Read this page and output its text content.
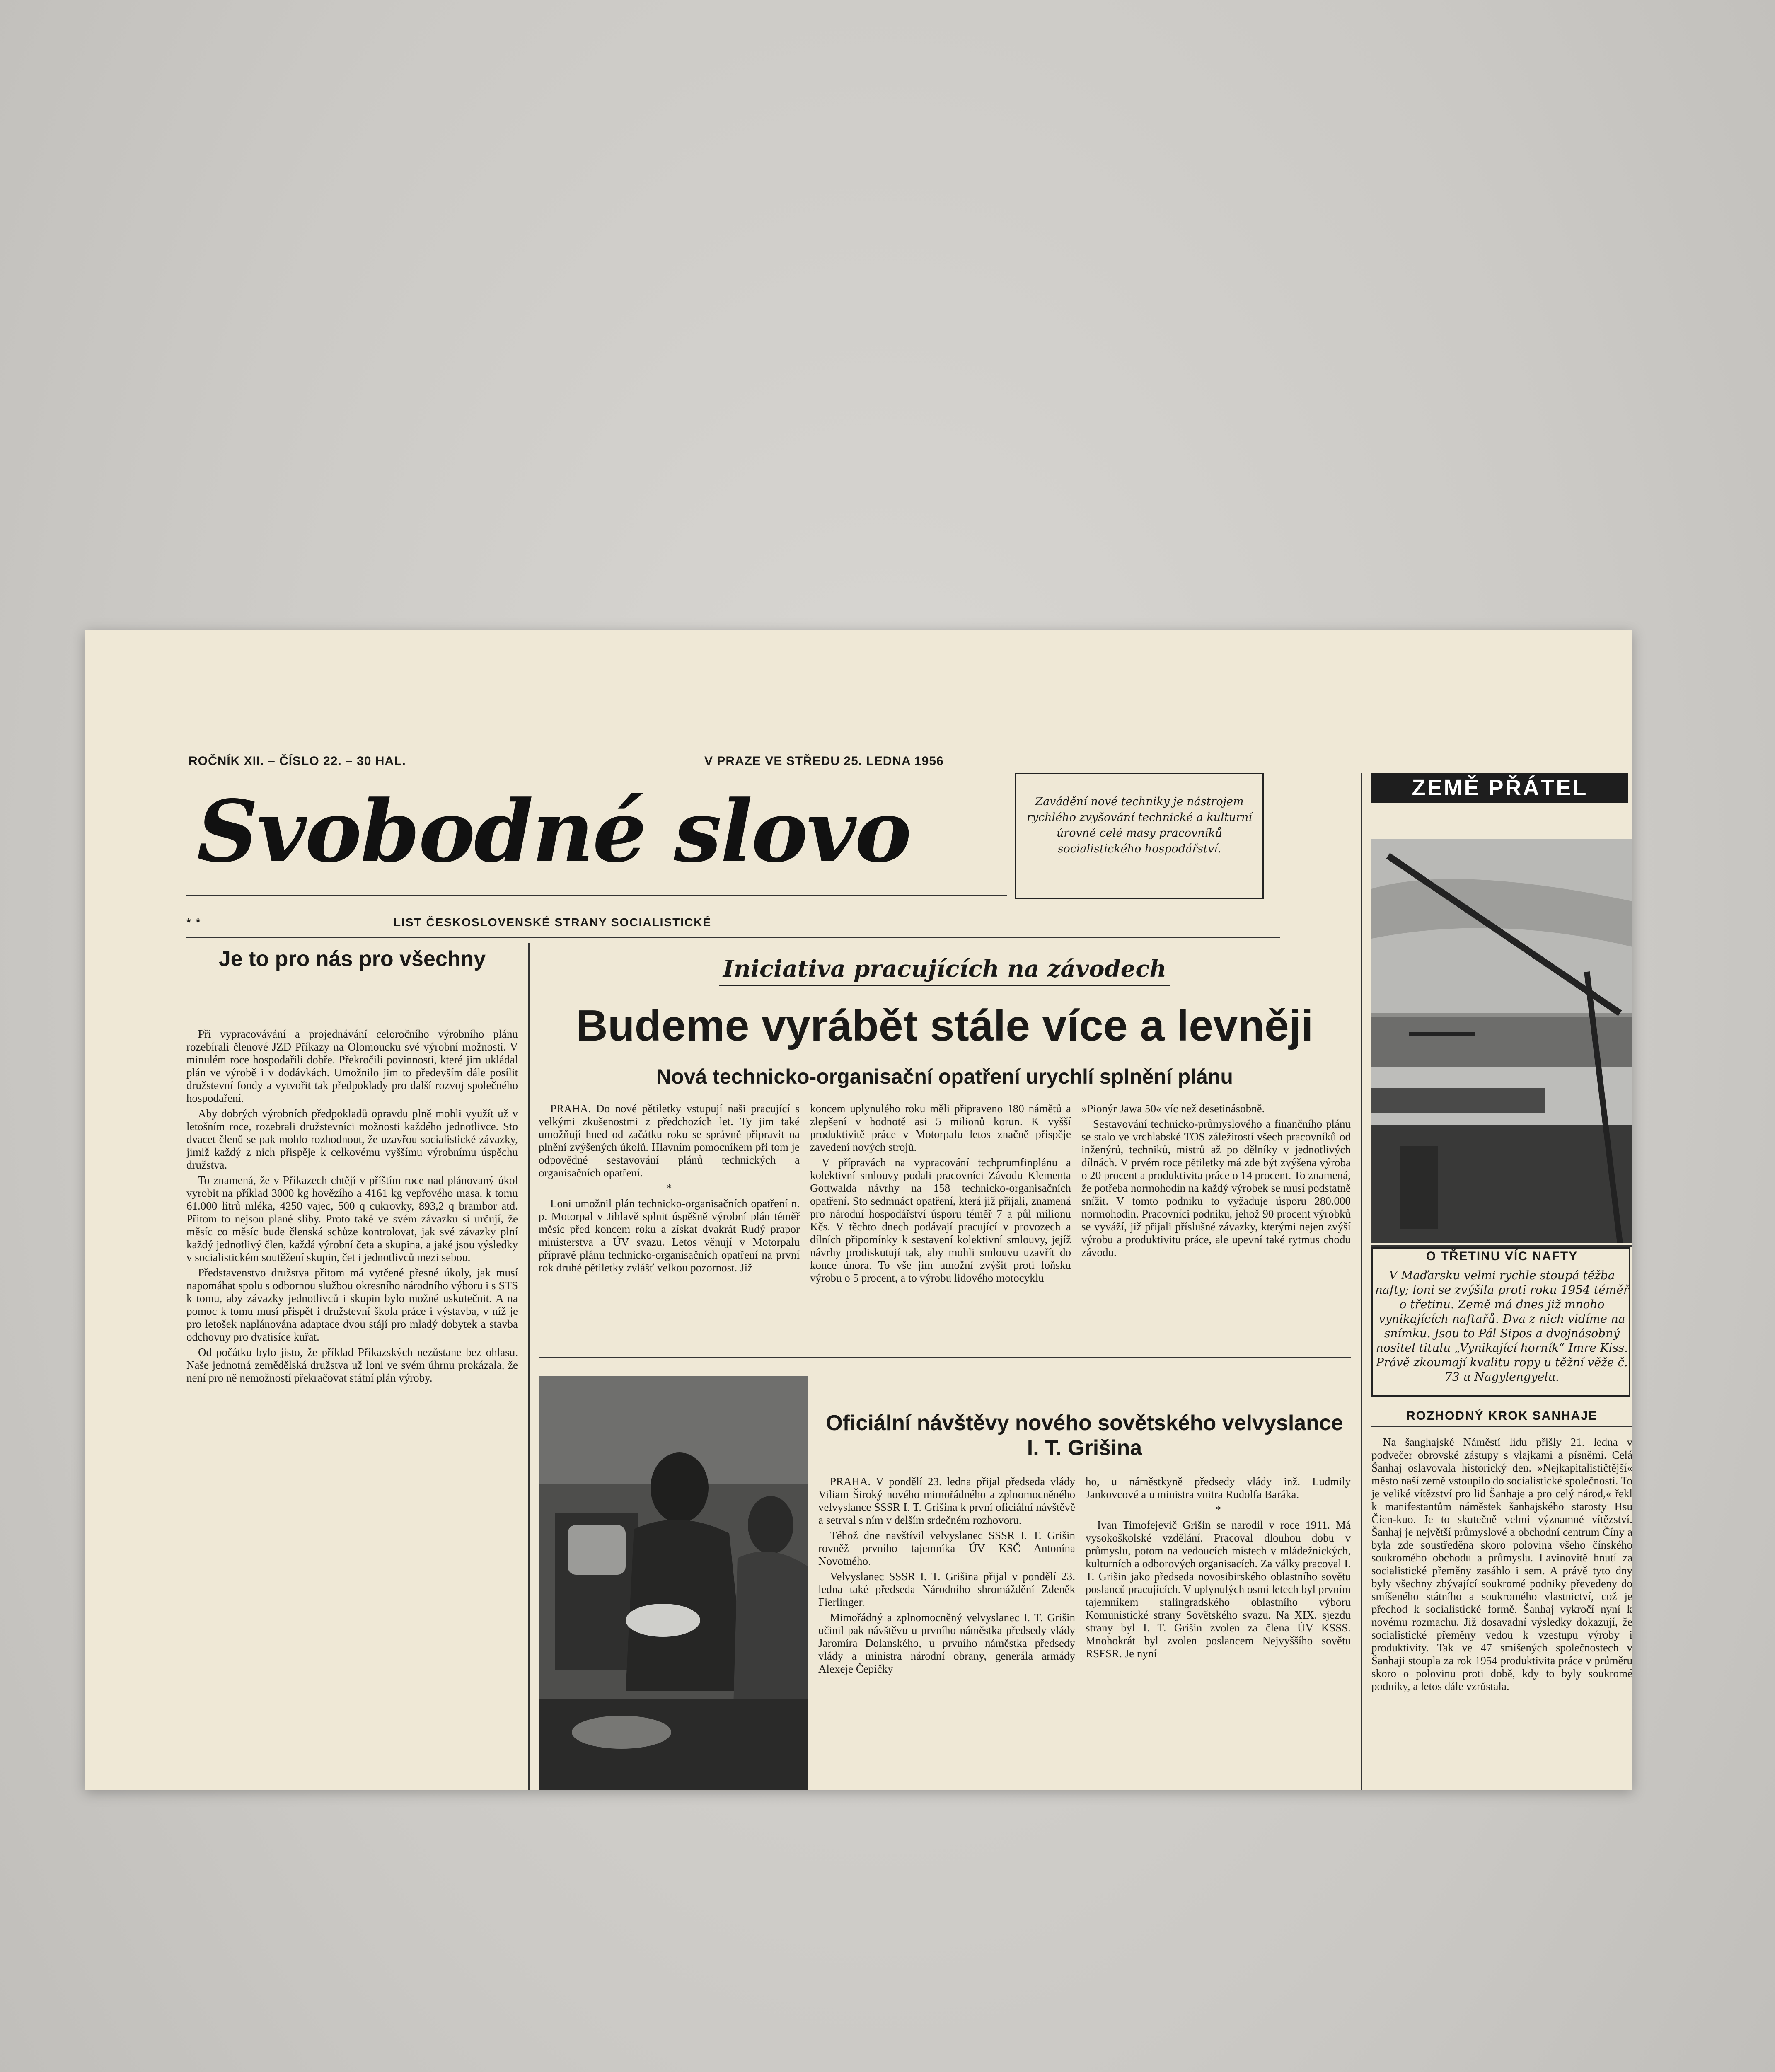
ROČNÍK XII. – ČÍSLO 22. – 30 HAL.	V PRAZE VE STŘEDU 25. LEDNA 1956
Svobodné slovo
* *	LIST ČESKOSLOVENSKÉ STRANY SOCIALISTICKÉ
Zavádění nové techniky je nástrojem rychlého zvyšování technické a kulturní úrovně celé masy pracovníků socialistického hospodářství.
Je to pro nás pro všechny

Při vypracovávání a projednávání celoročního výrobního plánu rozebírali členové JZD Příkazy na Olomoucku své výrobní možnosti. V minulém roce hospodařili dobře. Překročili povinnosti, které jim ukládal plán ve výrobě i v dodávkách. Umožnilo jim to především dále posílit družstevní fondy a vytvořit tak předpoklady pro další rozvoj společného hospodaření.

Aby dobrých výrobních předpokladů opravdu plně mohli využít už v letošním roce, rozebrali družstevníci možnosti každého jednotlivce. Sto dvacet členů se pak mohlo rozhodnout, že uzavřou socialistické závazky, jimiž každý z nich přispěje k celkovému vyššímu výrobnímu úspěchu družstva.

To znamená, že v Příkazech chtějí v příštím roce nad plánovaný úkol vyrobit na příklad 3000 kg hovězího a 4161 kg vepřového masa, k tomu 61.000 litrů mléka, 4250 vajec, 500 q cukrovky, 893,2 q brambor atd. Přitom to nejsou plané sliby. Proto také ve svém závazku si určují, že měsíc co měsíc bude členská schůze kontrolovat, jak své závazky plní každý jednotlivý člen, každá výrobní četa a skupina, a jaké jsou výsledky v socialistickém soutěžení skupin, čet i jednotlivců mezi sebou.

Představenstvo družstva přitom má vytčené přesné úkoly, jak musí napomáhat spolu s odbornou službou okresního národního výboru i s STS k tomu, aby závazky jednotlivců i skupin bylo možné uskutečnit. A na pomoc k tomu musí přispět i družstevní škola práce i výstavba, v níž je pro letošek naplánována adaptace dvou stájí pro mladý dobytek a stavba odchovny pro dvatisíce kuřat.

Od počátku bylo jisto, že příklad Příkazských nezůstane bez ohlasu. Naše jednotná zemědělská družstva už loni ve svém úhrnu prokázala, že není pro ně nemožností překračovat státní plán výroby.

Iniciativa pracujících na závodech
Budeme vyrábět stále více a levněji
Nová technicko-organisační opatření urychlí splnění plánu

PRAHA. Do nové pětiletky vstupují naši pracující s velkými zkušenostmi z předchozích let. Ty jim také umožňují hned od začátku roku se správně připravit na plnění zvýšených úkolů. Hlavním pomocníkem při tom je odpovědné sestavování plánů technických a organisačních opatření.

*

Loni umožnil plán technicko-organisačních opatření n. p. Motorpal v Jihlavě splnit úspěšně výrobní plán téměř měsíc před koncem roku a získat dvakrát Rudý prapor ministerstva a ÚV svazu. Letos věnují v Motorpalu přípravě plánu technicko-organisačních opatření na první rok druhé pětiletky zvlášť velkou pozornost. Již

koncem uplynulého roku měli připraveno 180 námětů a zlepšení v hodnotě asi 5 milionů korun. K vyšší produktivitě práce v Motorpalu letos značně přispěje zavedení nových strojů.

V přípravách na vypracování techprumfinplánu a kolektivní smlouvy podali pracovníci Závodu Klementa Gottwalda návrhy na 158 technicko-organisačních opatření. Sto sedmnáct opatření, která již přijali, znamená pro národní hospodářství úsporu téměř 7 a půl milionu Kčs. V těchto dnech podávají pracující v provozech a dílních připomínky k sestavení kolektivní smlouvy, jejíž návrhy prodiskutují tak, aby mohli smlouvu uzavřít do konce února. To vše jim umožní zvýšit proti loňsku výrobu o 5 procent, a to výrobu lidového motocyklu

»Pionýr Jawa 50« víc než desetinásobně.

Sestavování technicko-průmyslového a finančního plánu se stalo ve vrchlabské TOS záležitostí všech pracovníků od inženýrů, techniků, mistrů až po dělníky v jednotlivých dílnách. V prvém roce pětiletky má zde být zvýšena výroba o 20 procent a produktivita práce o 14 procent. To znamená, že potřeba normohodin na každý výrobek se musí podstatně snížit. V tomto podniku to vyžaduje úsporu 280.000 normohodin. Pracovníci podniku, jehož 90 procent výrobků se vyváží, již přijali příslušné závazky, kterými nejen zvýší výrobu a produktivitu práce, ale upevní také rytmus chodu závodu.

Oficiální návštěvy nového sovětského velvyslance I. T. Grišina

PRAHA. V pondělí 23. ledna přijal předseda vlády Viliam Široký nového mimořádného a zplnomocněného velvyslance SSSR I. T. Grišina k první oficiální návštěvě a setrval s ním v delším srdečném rozhovoru.

Téhož dne navštívil velvyslanec SSSR I. T. Grišin rovněž prvního tajemníka ÚV KSČ Antonína Novotného.

Velvyslanec SSSR I. T. Grišina přijal v pondělí 23. ledna také předseda Národního shromáždění Zdeněk Fierlinger.

Mimořádný a zplnomocněný velvyslanec I. T. Grišin učinil pak návštěvu u prvního náměstka předsedy vlády Jaromíra Dolanského, u prvního náměstka předsedy vlády a ministra národní obrany, generála armády Alexeje Čepičky

ho, u náměstkyně předsedy vlády inž. Ludmily Jankovcové a u ministra vnitra Rudolfa Baráka.

*

Ivan Timofejevič Grišin se narodil v roce 1911. Má vysokoškolské vzdělání. Pracoval dlouhou dobu v průmyslu, potom na vedoucích místech v mládežnických, kulturních a odborových organisacích. Za války pracoval I. T. Grišin jako předseda novosibirského oblastního sovětu poslanců pracujících. V uplynulých osmi letech byl prvním tajemníkem stalingradského oblastního výboru Komunistické strany Sovětského svazu. Na XIX. sjezdu strany byl I. T. Grišin zvolen za člena ÚV KSSS. Mnohokrát byl zvolen poslancem Nejvyššího sovětu RSFSR. Je nyní

ZEMĚ PŘÁTEL
O TŘETINU VÍC NAFTY
V Maďarsku velmi rychle stoupá těžba nafty; loni se zvýšila proti roku 1954 téměř o třetinu. Země má dnes již mnoho vynikajících naftařů. Dva z nich vidíme na snímku. Jsou to Pál Sipos a dvojnásobný nositel titulu „Vynikající horník“ Imre Kiss. Právě zkoumají kvalitu ropy u těžní věže č. 73 u Nagylengyelu.
ROZHODNÝ KROK SANHAJE

Na šanghajské Náměstí lidu přišly 21. ledna v podvečer obrovské zástupy s vlajkami a písněmi. Celá Šanhaj oslavovala historický den. »Nejkapitalističtější« město naší země vstoupilo do socialistické společnosti. To je veliké vítězství pro lid Šanhaje a pro celý národ,« řekl k manifestantům náměstek šanhajského starosty Hsu Čien-kuo. Je to skutečně velmi významné vítězství. Šanhaj je největší průmyslové a obchodní centrum Číny a byla zde soustředěna skoro polovina všeho čínského soukromého obchodu a průmyslu. Lavinovitě hnutí za socialistické přeměny zasáhlo i sem. A právě tyto dny byly všechny zbývající soukromé podniky převedeny do smíšeného státního a soukromého vlastnictví, což je přechod k socialistické formě. Šanhaj vykročí nyní k novému rozmachu. Již dosavadní výsledky dokazují, že socialistické přeměny vedou k vzestupu výroby i produktivity. Tak ve 47 smíšených společnostech v Šanhaji stoupla za rok 1954 produktivita práce v průměru skoro o polovinu proti době, kdy to byly soukromé podniky, a letos dále vzrůstala.
